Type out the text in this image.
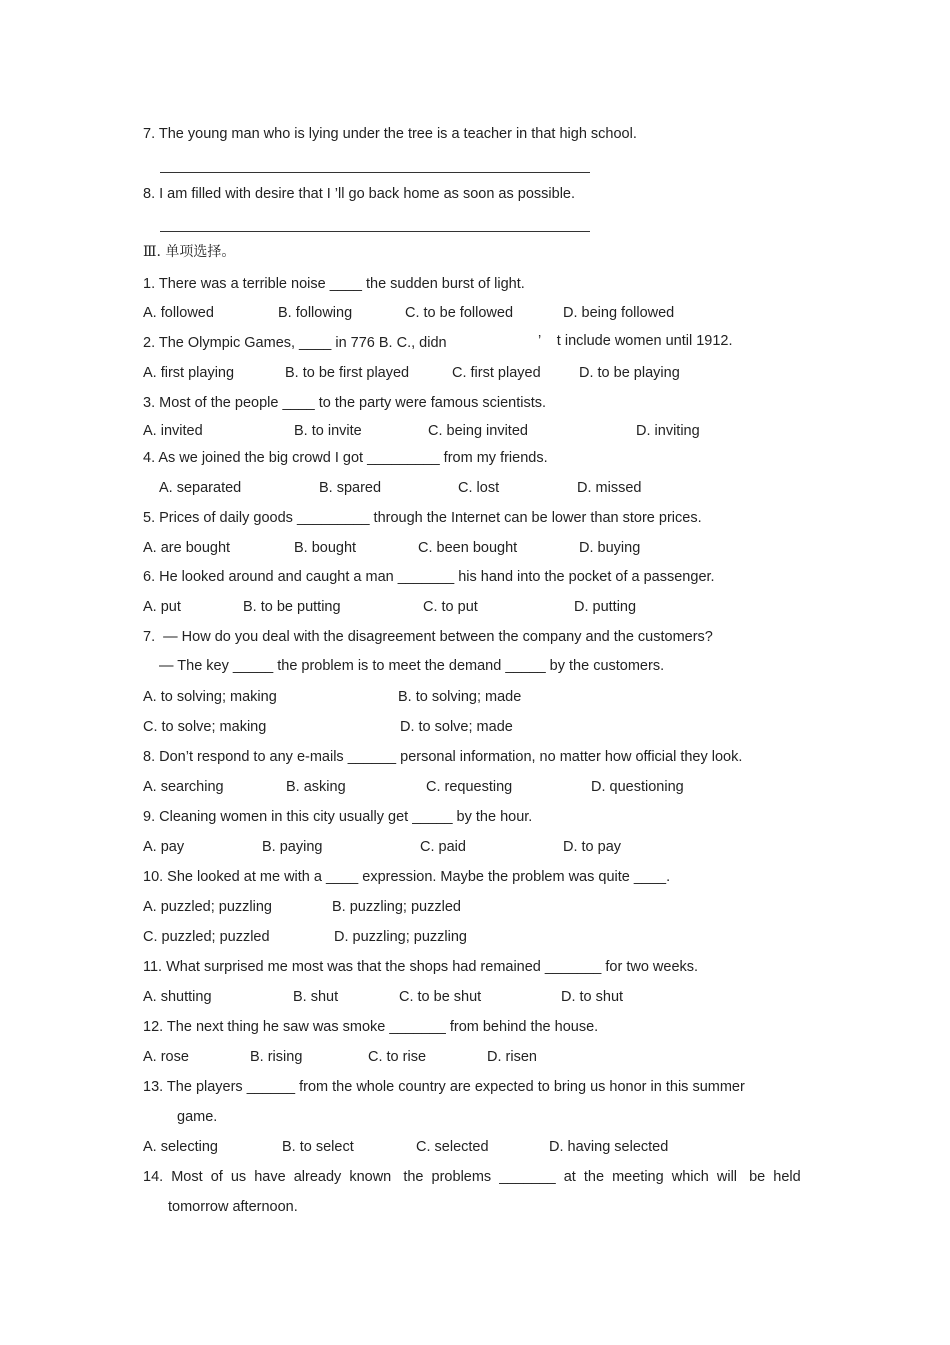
7. The young man who is lying under the tree is a teacher in that high school.
8. I am filled with desire that I ’ll go back home as soon as possible.
Ⅲ. 单项选择。
1. There was a terrible noise ____ the sudden burst of light.
A. followed	B. following	C. to be followed	D. being followed
2. The Olympic Games, ____ in 776 B. C., didn	’    t include women until 1912.
A. first playing	B. to be first played	C. first played	D. to be playing
3. Most of the people ____ to the party were famous scientists.
A. invited	B. to invite	C. being invited	D. inviting
4. As we joined the big crowd I got _________ from my friends.
A. separated	B. spared	C. lost	D. missed
5. Prices of daily goods _________ through the Internet can be lower than store prices.
A. are bought	B. bought	C. been bought	D. buying
6. He looked around and caught a man _______ his hand into the pocket of a passenger.
A. put	B. to be putting	C. to put	D. putting
7.  — How do you deal with the disagreement between the company and the customers?
— The key _____ the problem is to meet the demand _____ by the customers.
A. to solving; making	B. to solving; made
C. to solve; making	D. to solve; made
8. Don’t respond to any e-mails ______ personal information, no matter how official they look.
A. searching	B. asking	C. requesting	D. questioning
9. Cleaning women in this city usually get _____ by the hour.
A. pay	B. paying	C. paid	D. to pay
10. She looked at me with a ____ expression. Maybe the problem was quite ____.
A. puzzled; puzzling	B. puzzling; puzzled
C. puzzled; puzzled	D. puzzling; puzzling
11. What surprised me most was that the shops had remained _______ for two weeks.
A. shutting	B. shut	C. to be shut	D. to shut
12. The next thing he saw was smoke _______ from behind the house.
A. rose	B. rising	C. to rise	D. risen
13. The players ______ from the whole country are expected to bring us honor in this summer
game.
A. selecting	B. to select	C. selected	D. having selected
14.  Most  of  us  have  already  known   the  problems  _______  at  the  meeting  which  will   be  held
tomorrow afternoon.
